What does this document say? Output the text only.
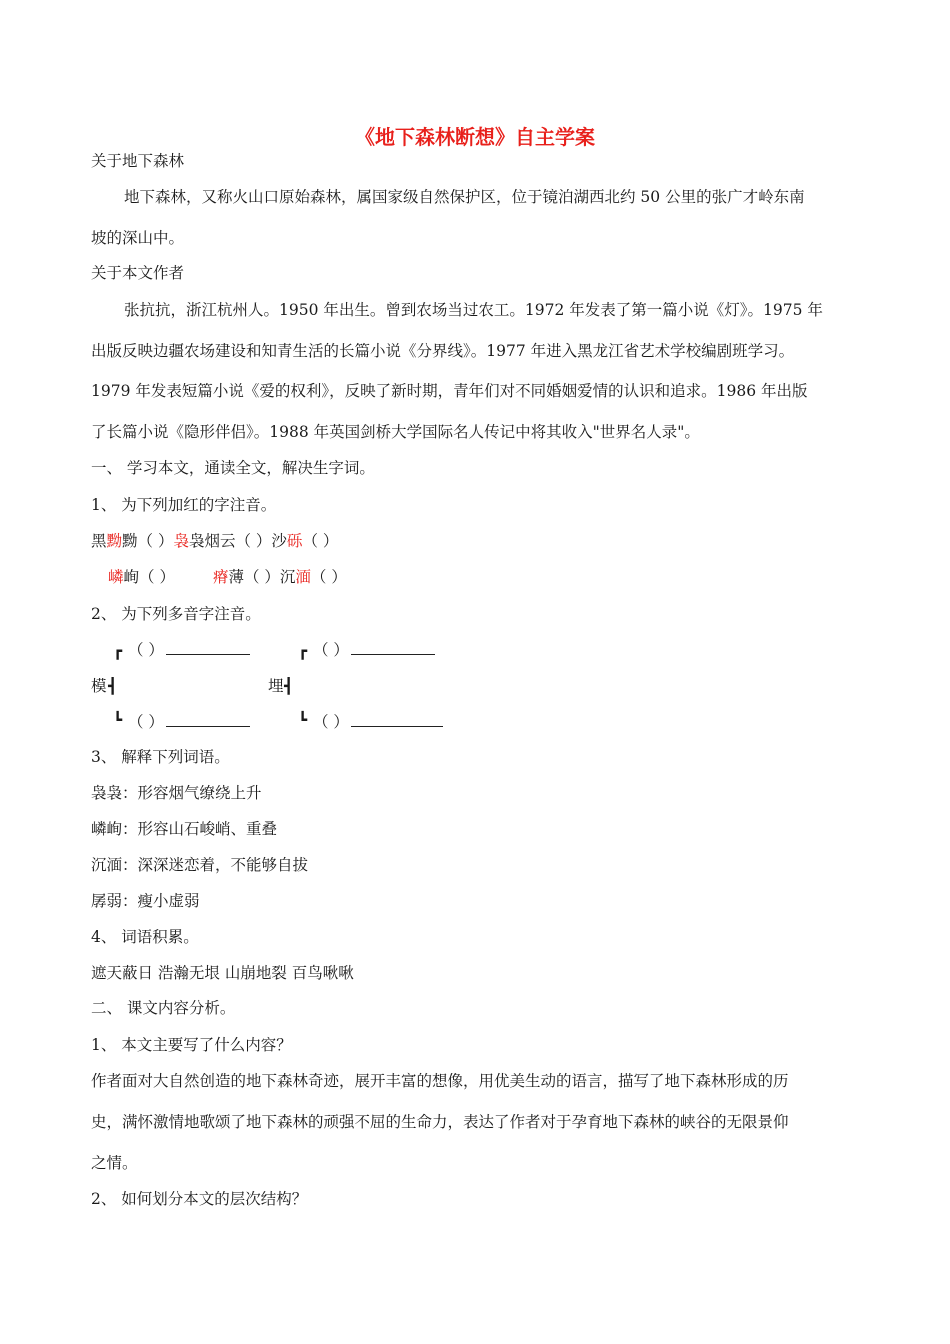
《地下森林断想》自主学案
关于地下森林
地下森林，又称火山口原始森林，属国家级自然保护区，位于镜泊湖西北约 50 公里的张广才岭东南
坡的深山中。
关于本文作者
张抗抗，浙江杭州人。1950 年出生。曾到农场当过农工。1972 年发表了第一篇小说《灯》。1975 年
出版反映边疆农场建设和知青生活的长篇小说《分界线》。1977 年进入黑龙江省艺术学校编剧班学习。
1979 年发表短篇小说《爱的权利》，反映了新时期，青年们对不同婚姻爱情的认识和追求。1986 年出版
了长篇小说《隐形伴侣》。1988 年英国剑桥大学国际名人传记中将其收入"世界名人录"。
一、 学习本文，通读全文，解决生字词。
1、 为下列加红的字注音。
黑黝黝（ ）袅袅烟云（ ）沙砾（ ）
嶙峋（ ） 瘠薄（ ）沉湎（ ）
2、 为下列多音字注音。
┏ （ ）
模 ┫
┗ （ ）
┏ （ ）
埋 ┫
┗ （ ）
3、 解释下列词语。
袅袅：形容烟气缭绕上升
嶙峋：形容山石峻峭、重叠
沉湎：深深迷恋着，不能够自拔
孱弱：瘦小虚弱
4、 词语积累。
遮天蔽日 浩瀚无垠 山崩地裂 百鸟啾啾
二、 课文内容分析。
1、 本文主要写了什么内容？
作者面对大自然创造的地下森林奇迹，展开丰富的想像，用优美生动的语言，描写了地下森林形成的历
史，满怀激情地歌颂了地下森林的顽强不屈的生命力，表达了作者对于孕育地下森林的峡谷的无限景仰
之情。
2、 如何划分本文的层次结构？
